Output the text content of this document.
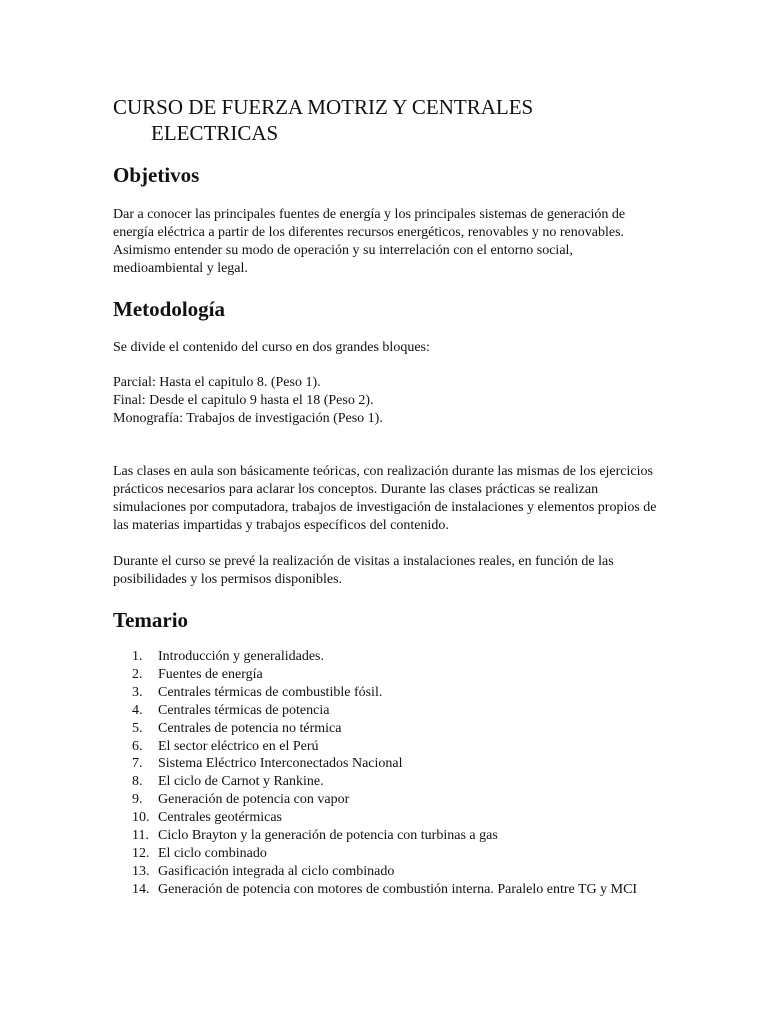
CURSO DE FUERZA MOTRIZ Y CENTRALES ELECTRICAS
Objetivos

Dar a conocer las principales fuentes de energía y los principales sistemas de generación de energía eléctrica a partir de los diferentes recursos energéticos, renovables y no renovables. Asimismo entender su modo de operación y su interrelación con el entorno social, medioambiental y legal.

Metodología

Se divide el contenido del curso en dos grandes bloques:

Parcial: Hasta el capitulo 8. (Peso 1).

Final: Desde el capitulo 9 hasta el 18 (Peso 2).

Monografía: Trabajos de investigación (Peso 1).

Las clases en aula son básicamente teóricas, con realización durante las mismas de los ejercicios prácticos necesarios para aclarar los conceptos. Durante las clases prácticas se realizan simulaciones por computadora, trabajos de investigación de instalaciones y elementos propios de las materias impartidas y trabajos específicos del contenido.

Durante el curso se prevé la realización de visitas a instalaciones reales, en función de las posibilidades y los permisos disponibles.

Temario
1.	Introducción y generalidades.
2.	Fuentes de energía
3.	Centrales térmicas de combustible fósil.
4.	Centrales térmicas de potencia
5.	Centrales de potencia no térmica
6.	El sector eléctrico en el Perú
7.	Sistema Eléctrico Interconectados Nacional
8.	El ciclo de Carnot y Rankine.
9.	Generación de potencia con vapor
10. Centrales geotérmicas
11. Ciclo Brayton y la generación de potencia con turbinas a gas
12. El ciclo combinado
13. Gasificación integrada al ciclo combinado
14. Generación de potencia con motores de combustión interna. Paralelo entre TG y MCI
